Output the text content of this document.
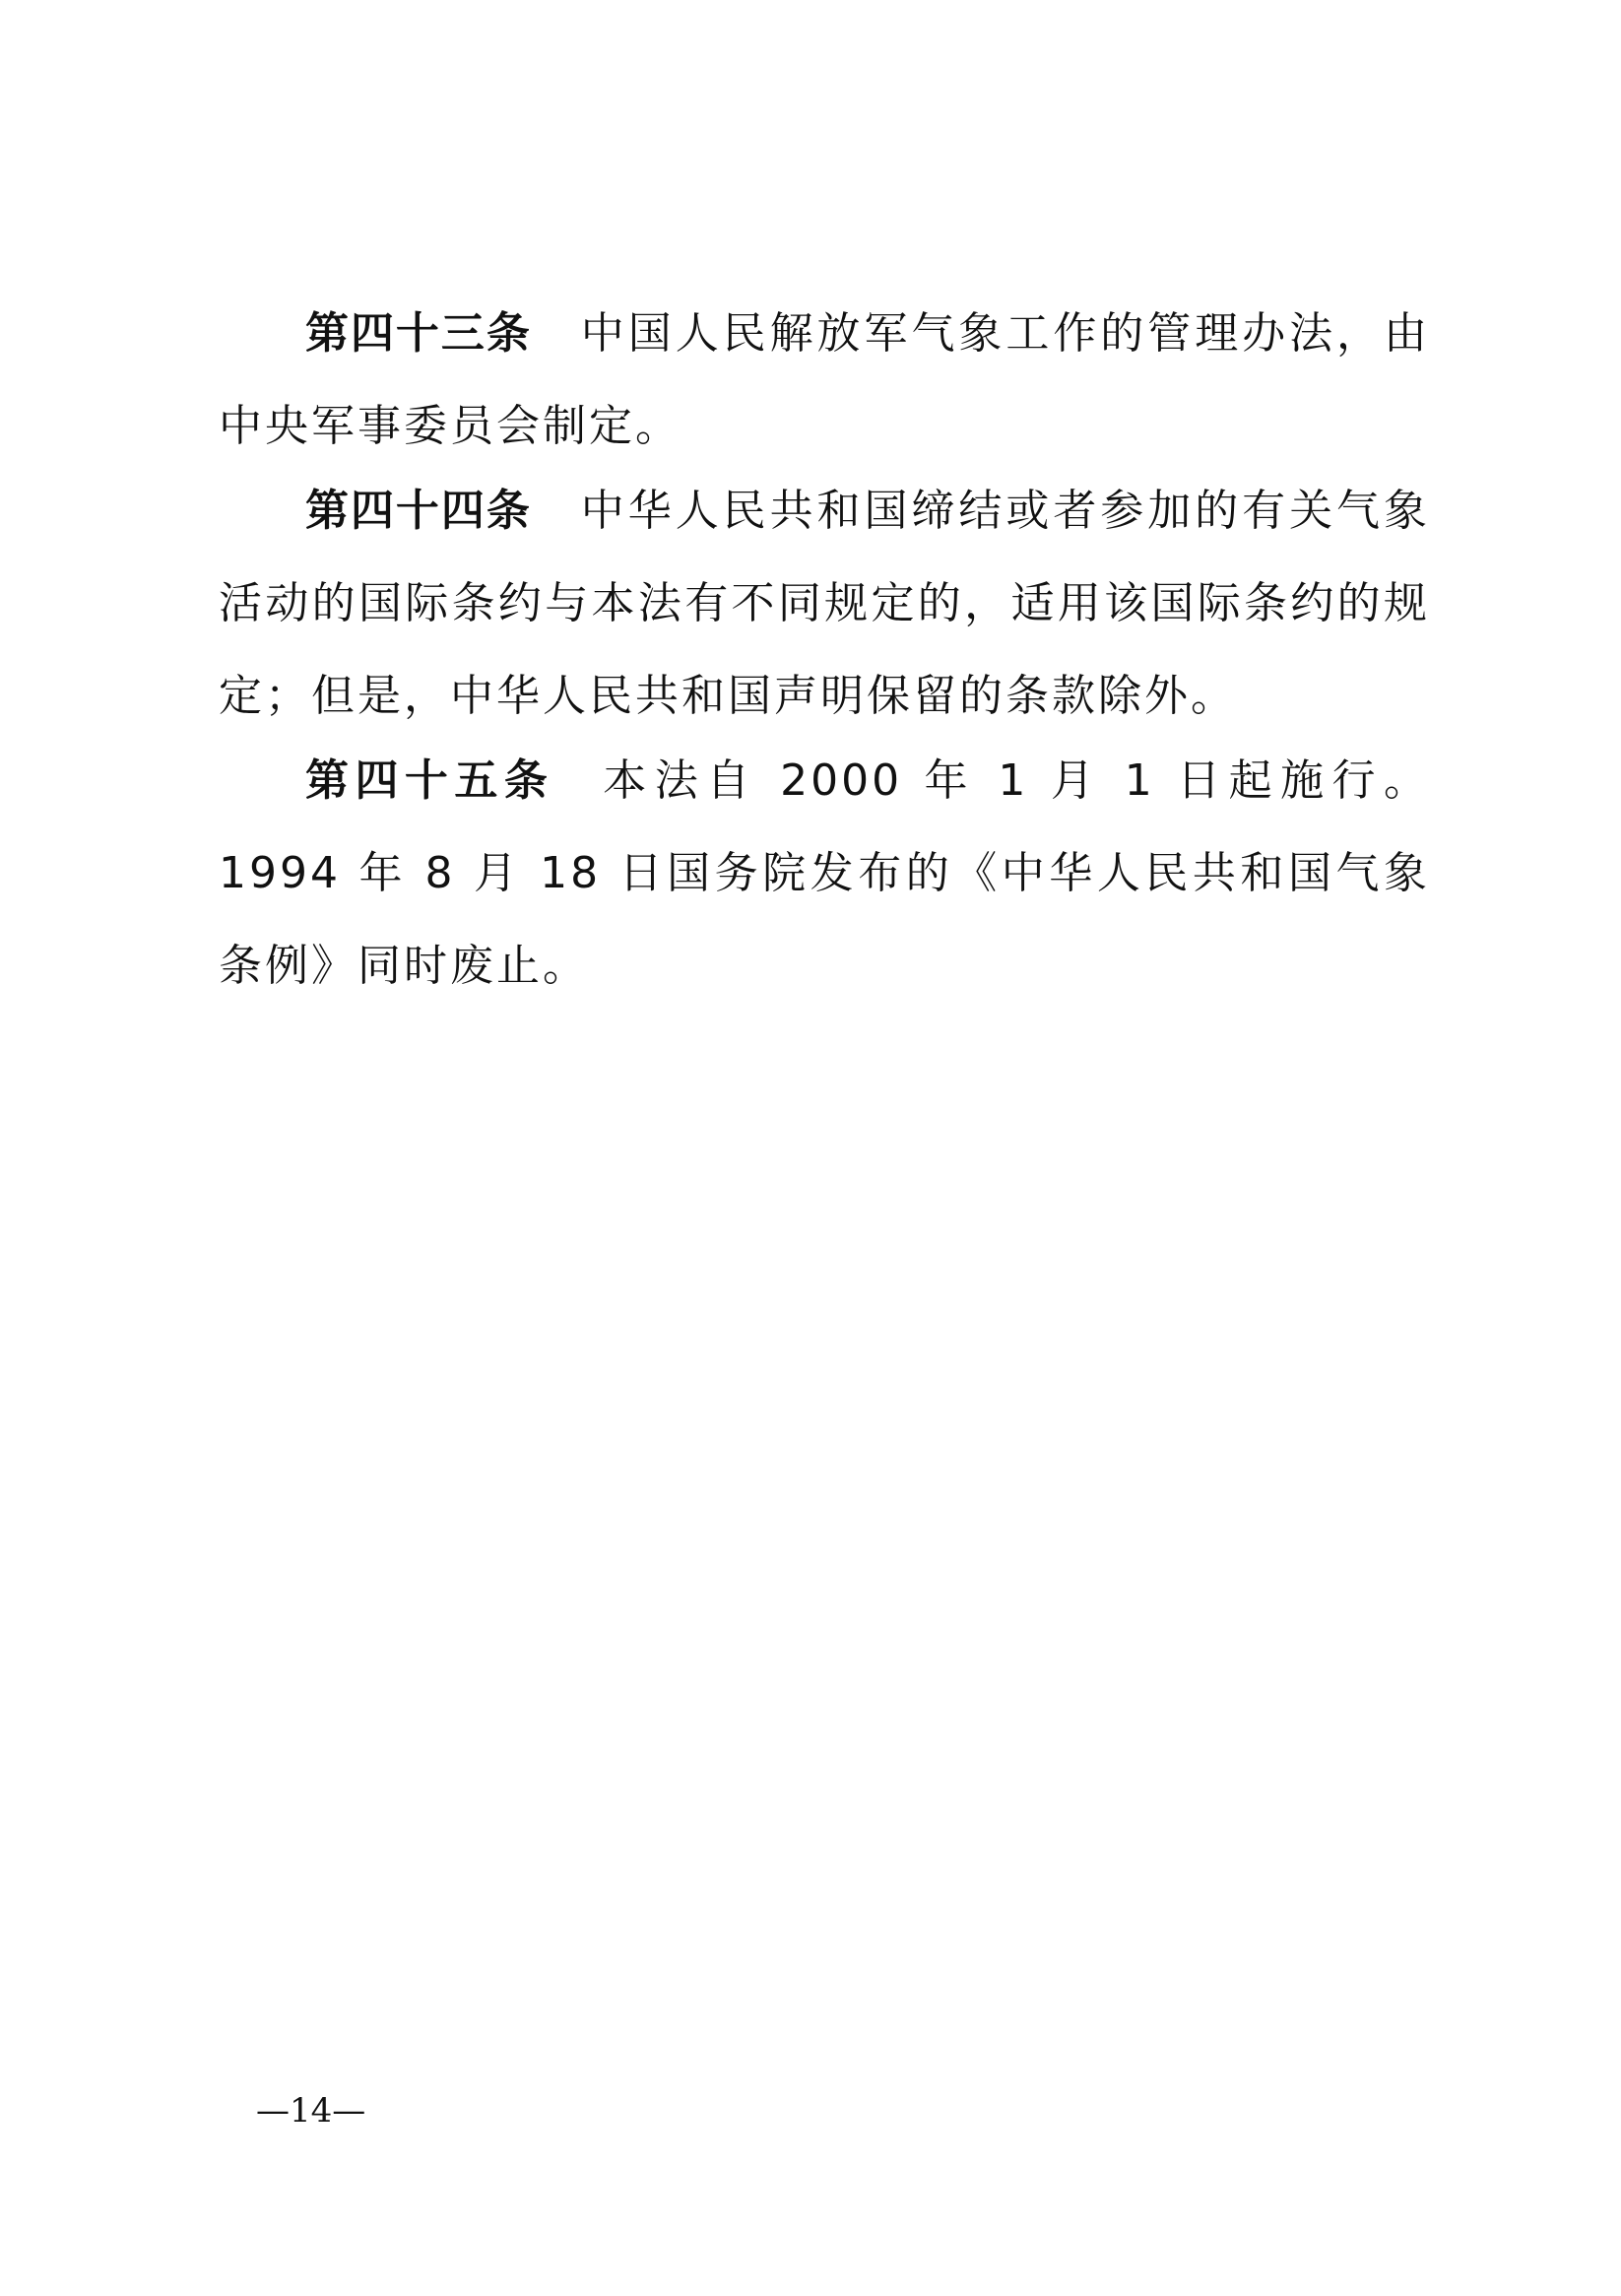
第四十三条 中国人民解放军气象工作的管理办法，由中央军事委员会制定。

第四十四条 中华人民共和国缔结或者参加的有关气象活动的国际条约与本法有不同规定的，适用该国际条约的规定；但是，中华人民共和国声明保留的条款除外。

第四十五条 本法自 2000 年 1 月 1 日起施行。1994 年 8 月 18 日国务院发布的《中华人民共和国气象条例》同时废止。

—14—
